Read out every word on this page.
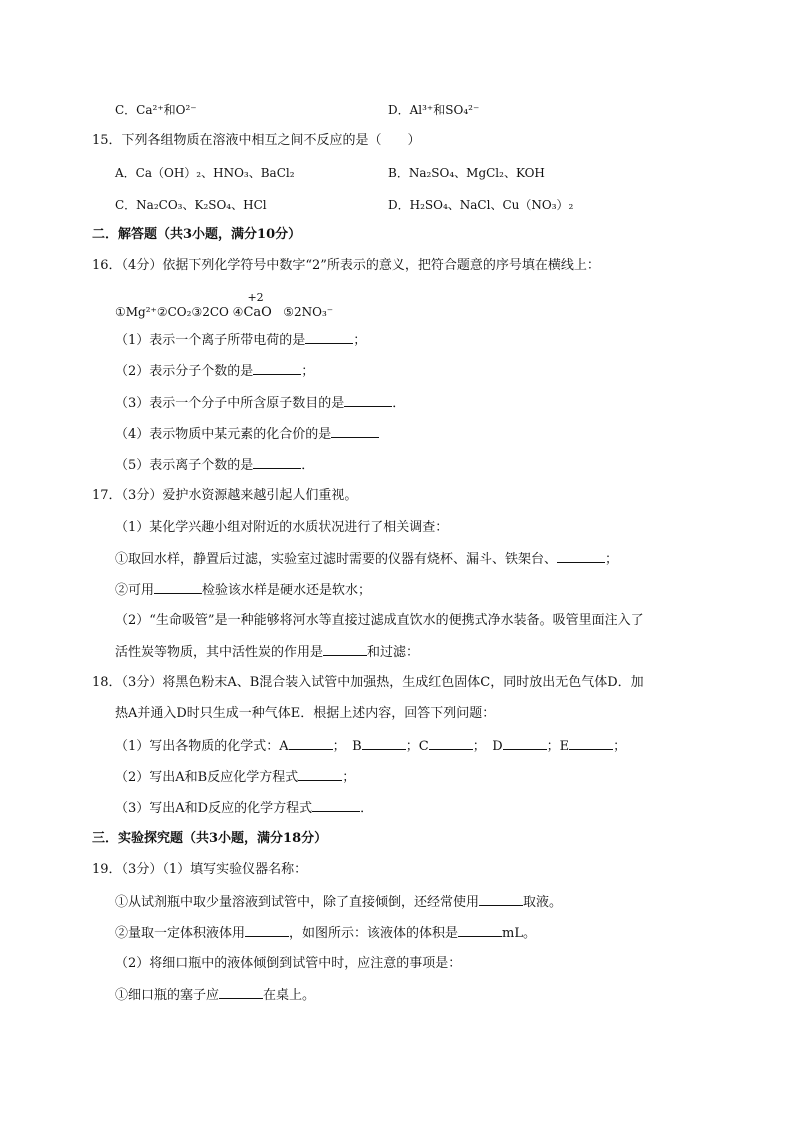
C．Ca²⁺和O²⁻	D．Al³⁺和SO₄²⁻
15．下列各组物质在溶液中相互之间不反应的是（　　）
A．Ca（OH）₂、HNO₃、BaCl₂	B．Na₂SO₄、MgCl₂、KOH
C．Na₂CO₃、K₂SO₄、HCl	D．H₂SO₄、NaCl、Cu（NO₃）₂
二．解答题（共3小题，满分10分）
16．（4分）依据下列化学符号中数字“2”所表示的意义，把符合题意的序号填在横线上：
①Mg²⁺②CO₂③2CO ④
+2
CaO ⑤2NO₃⁻
（1）表示一个离子所带电荷的是	；
（2）表示分子个数的是	；
（3）表示一个分子中所含原子数目的是	．
（4）表示物质中某元素的化合价的是
（5）表示离子个数的是	．
17．（3分）爱护水资源越来越引起人们重视。
（1）某化学兴趣小组对附近的水质状况进行了相关调查：
①取回水样，静置后过滤，实验室过滤时需要的仪器有烧杯、漏斗、铁架台、	；
②可用	检验该水样是硬水还是软水；
（2）“生命吸管”是一种能够将河水等直接过滤成直饮水的便携式净水装备。吸管里面注入了
活性炭等物质，其中活性炭的作用是	和过滤：
18．（3分）将黑色粉末A、B混合装入试管中加强热，生成红色固体C，同时放出无色气体D．加
热A并通入D时只生成一种气体E．根据上述内容，回答下列问题：
（1）写出各物质的化学式：A	；　B	；C	；　D	；E	；
（2）写出A和B反应化学方程式	；
（3）写出A和D反应的化学方程式	．
三．实验探究题（共3小题，满分18分）
19．（3分）（1）填写实验仪器名称：
①从试剂瓶中取少量溶液到试管中，除了直接倾倒，还经常使用	取液。
②量取一定体积液体用	，如图所示：该液体的体积是	mL。
（2）将细口瓶中的液体倾倒到试管中时，应注意的事项是：
①细口瓶的塞子应	在桌上。
